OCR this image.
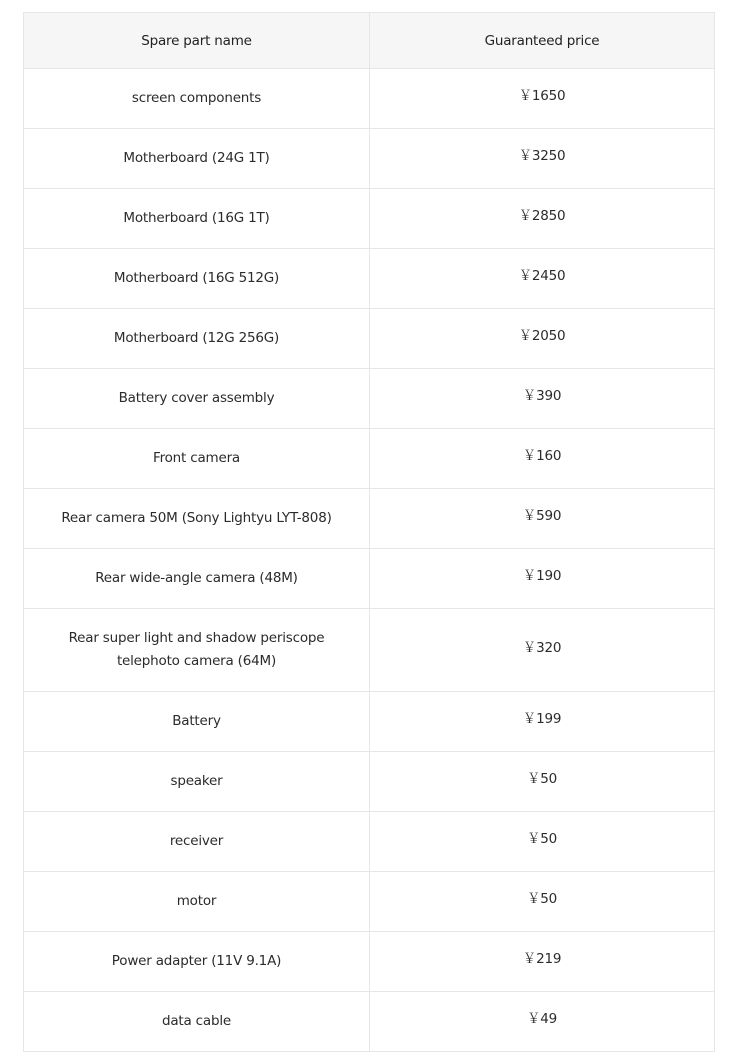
Spare part name	Guaranteed price
screen components	￥1650
Motherboard (24G 1T)	￥3250
Motherboard (16G 1T)	￥2850
Motherboard (16G 512G)	￥2450
Motherboard (12G 256G)	￥2050
Battery cover assembly	￥390
Front camera	￥160
Rear camera 50M (Sony Lightyu LYT-808)	￥590
Rear wide-angle camera (48M)	￥190
Rear super light and shadow periscope telephoto camera (64M)	￥320
Battery	￥199
speaker	￥50
receiver	￥50
motor	￥50
Power adapter (11V 9.1A)	￥219
data cable	￥49
